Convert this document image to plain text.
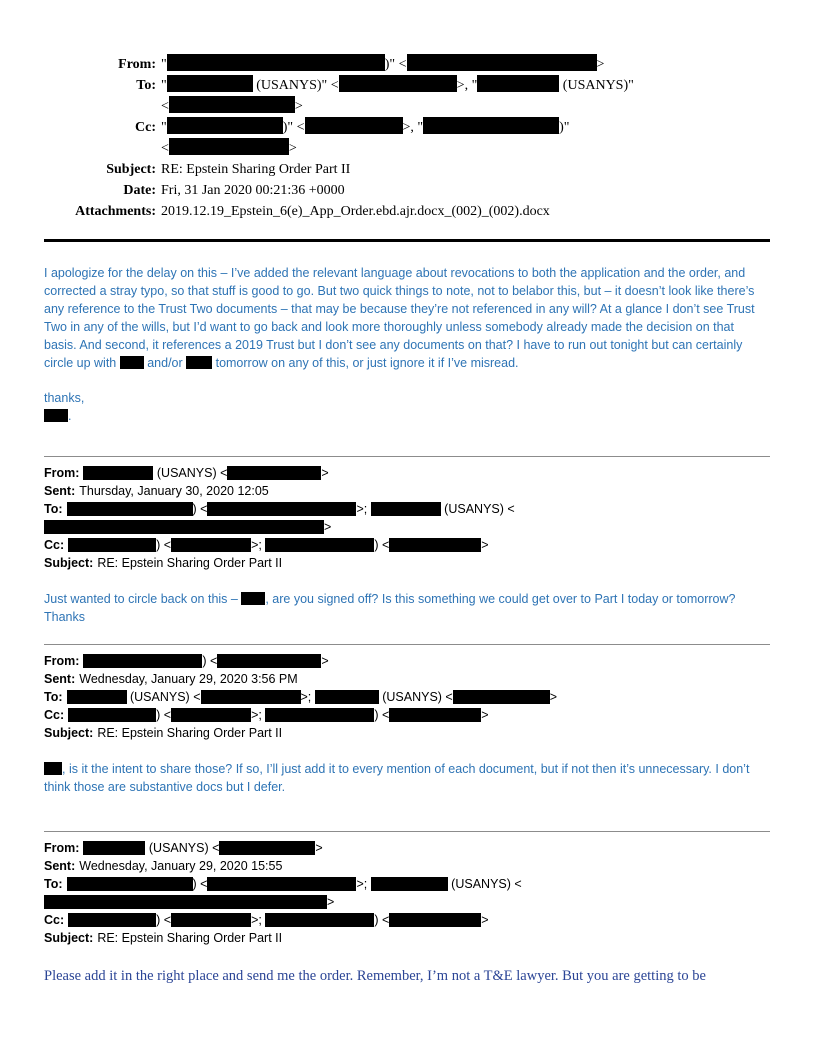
From: "	)" <	>
To: "	(USANYS)" <	>, "	(USANYS)"
<	>
Cc: "	)" <	>, "	)"
<	>
Subject: RE: Epstein Sharing Order Part II
Date: Fri, 31 Jan 2020 00:21:36 +0000
Attachments: 2019.12.19_Epstein_6(e)_App_Order.ebd.ajr.docx_(002)_(002).docx

I apologize for the delay on this – I’ve added the relevant language about revocations to both the application and the order, and corrected a stray typo, so that stuff is good to go. But two quick things to note, not to belabor this, but – it doesn’t look like there’s any reference to the Trust Two documents – that may be because they’re not referenced in any will? At a glance I don’t see Trust Two in any of the wills, but I’d want to go back and look more thoroughly unless somebody already made the decision on that basis. And second, it references a 2019 Trust but I don’t see any documents on that? I have to run out tonight but can certainly circle up with  and/or  tomorrow on any of this, or just ignore it if I’ve misread.

thanks,

.

From:	(USANYS) <	>
Sent: Thursday, January 30, 2020 12:05
To:	) <	>;	(USANYS) <>
Cc:	) <	>;	) <	>
Subject: RE: Epstein Sharing Order Part II

Just wanted to circle back on this – , are you signed off? Is this something we could get over to Part I today or tomorrow? Thanks

From:	) <	>
Sent: Wednesday, January 29, 2020 3:56 PM
To:	(USANYS) <	>;	(USANYS) <	>
Cc:	) <	>;	) <	>
Subject: RE: Epstein Sharing Order Part II

, is it the intent to share those? If so, I’ll just add it to every mention of each document, but if not then it’s unnecessary. I don’t think those are substantive docs but I defer.

From:	(USANYS) <	>
Sent: Wednesday, January 29, 2020 15:55
To:	) <	>;	(USANYS) <>
Cc:	) <	>;	) <	>
Subject: RE: Epstein Sharing Order Part II

Please add it in the right place and send me the order. Remember, I’m not a T&E lawyer. But you are getting to be
